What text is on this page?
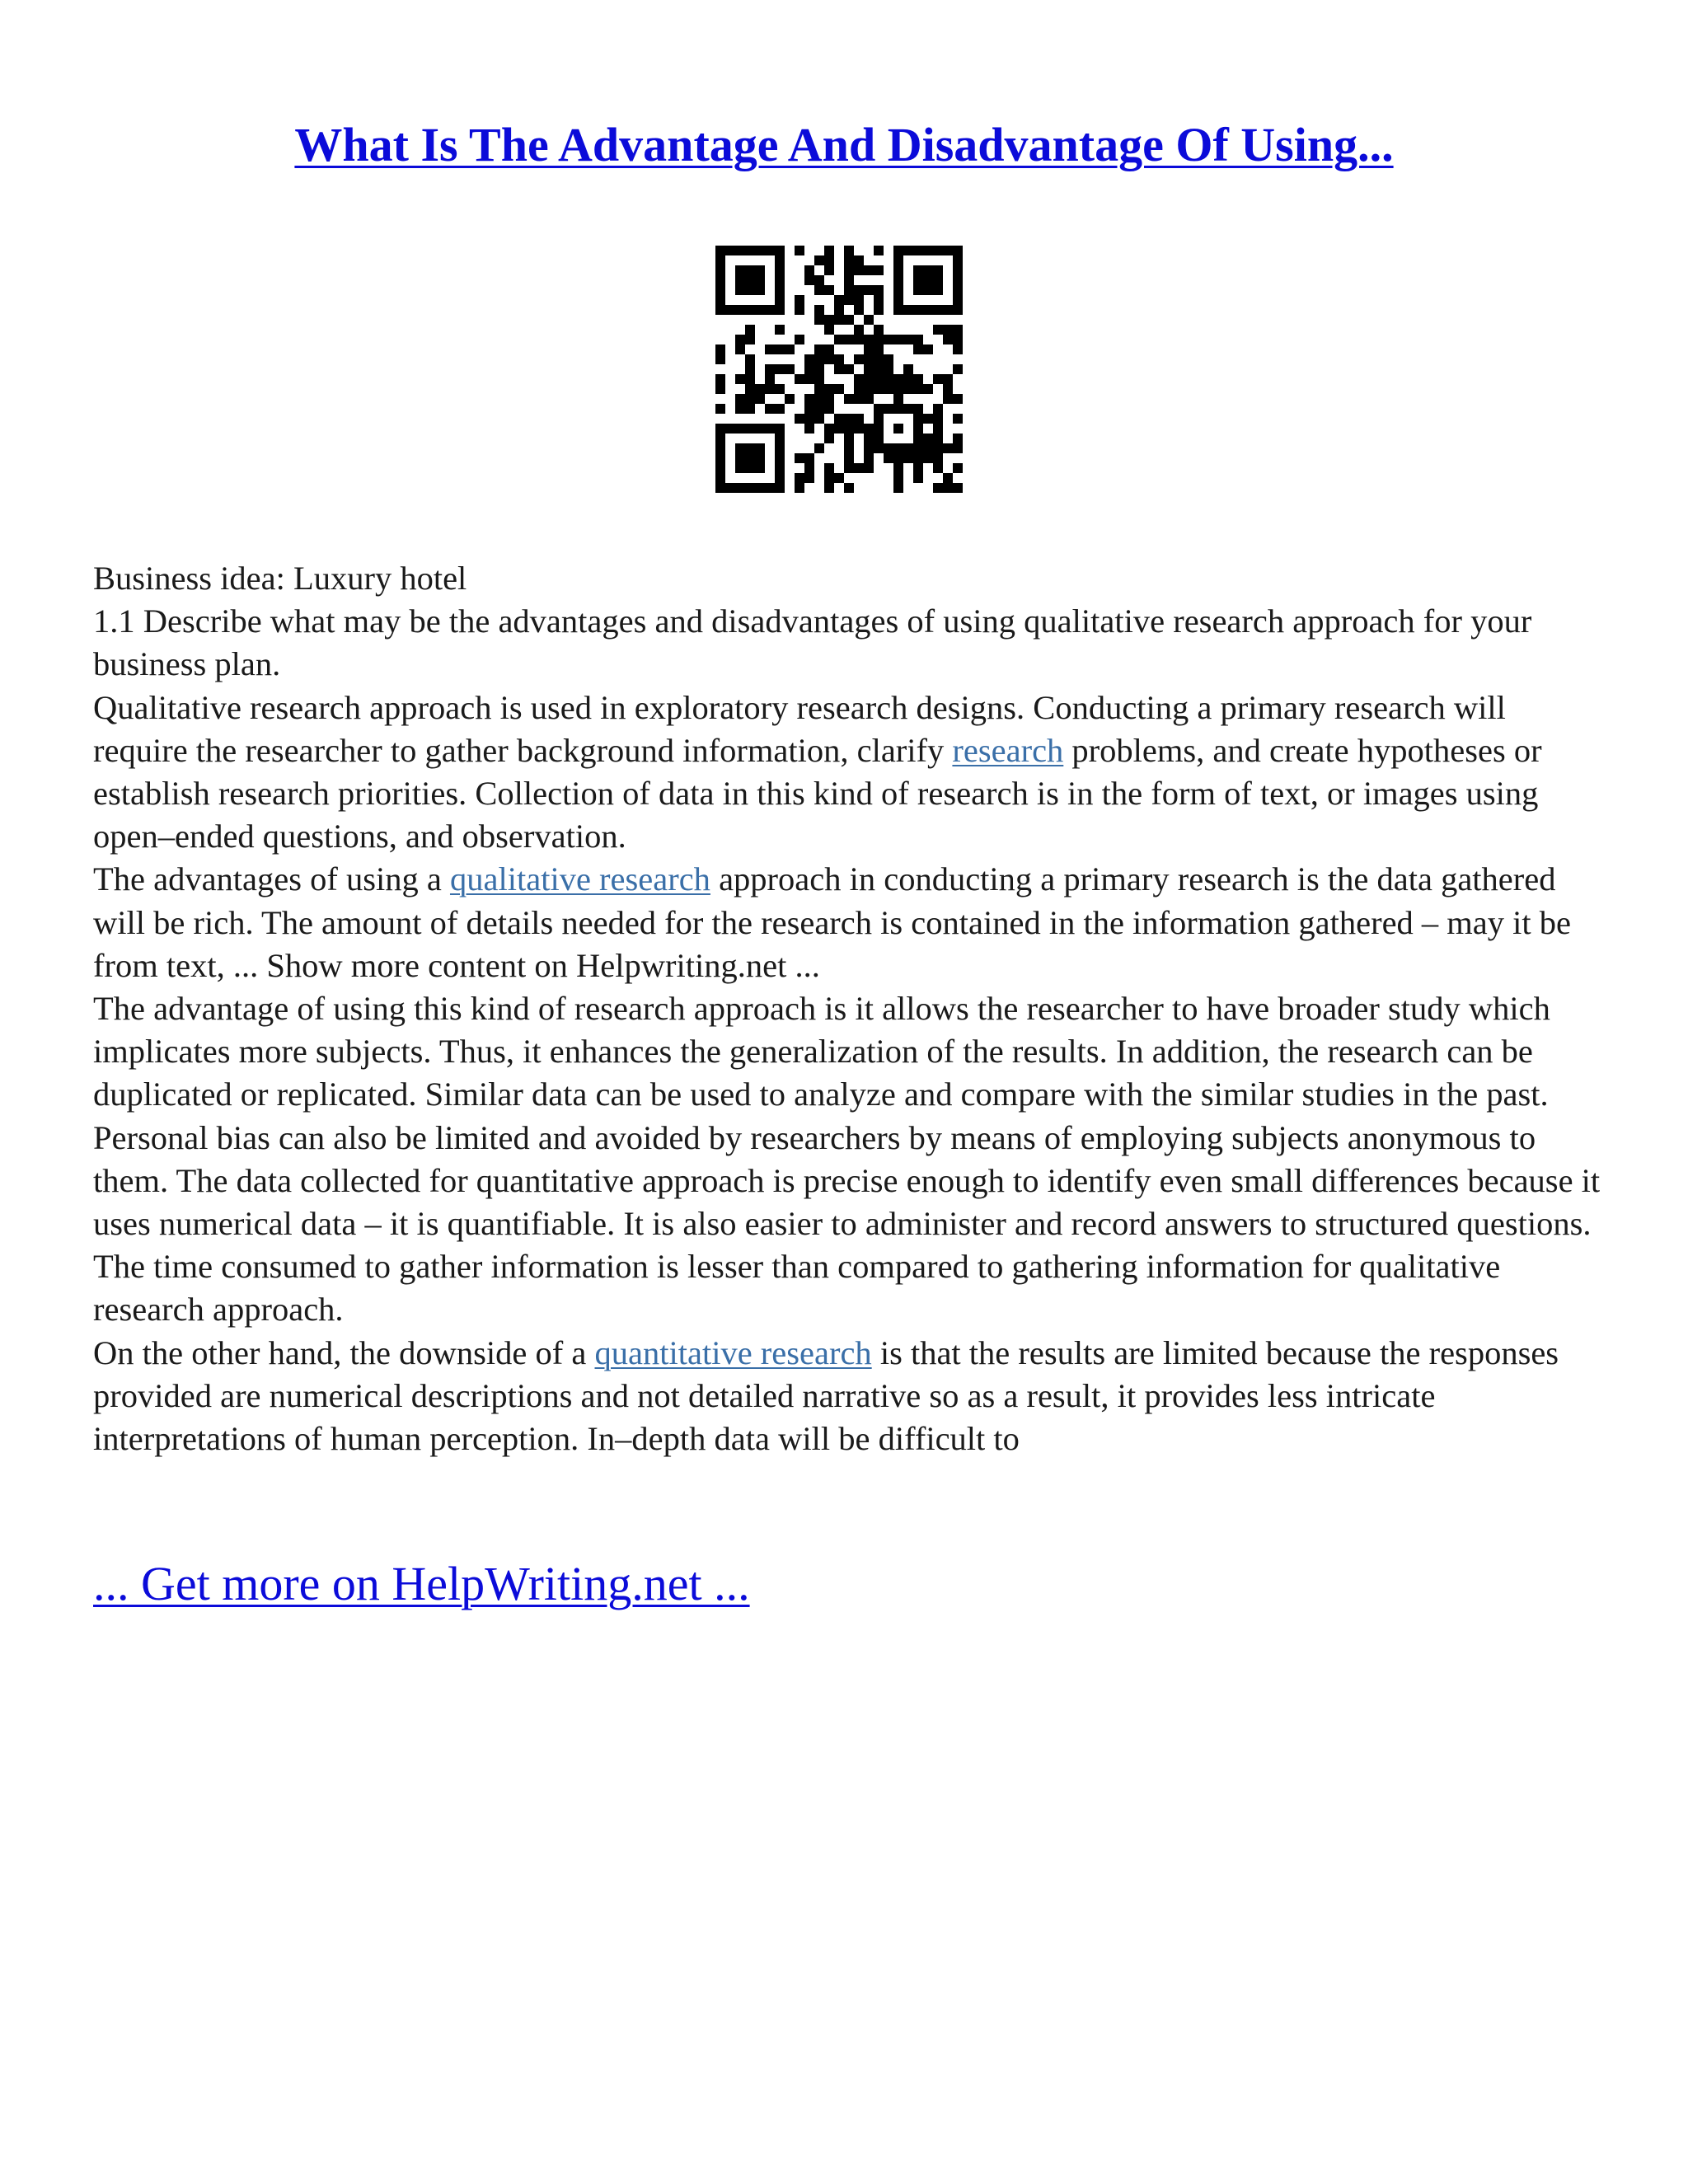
What Is The Advantage And Disadvantage Of Using...

Business idea: Luxury hotel

1.1 Describe what may be the advantages and disadvantages of using qualitative research approach for your business plan.

Qualitative research approach is used in exploratory research designs. Conducting a primary research will require the researcher to gather background information, clarify research problems, and create hypotheses or establish research priorities. Collection of data in this kind of research is in the form of text, or images using open–ended questions, and observation.

The advantages of using a qualitative research approach in conducting a primary research is the data gathered will be rich. The amount of details needed for the research is contained in the information gathered – may it be from text, ... Show more content on Helpwriting.net ...

The advantage of using this kind of research approach is it allows the researcher to have broader study which implicates more subjects. Thus, it enhances the generalization of the results. In addition, the research can be duplicated or replicated. Similar data can be used to analyze and compare with the similar studies in the past. Personal bias can also be limited and avoided by researchers by means of employing subjects anonymous to them. The data collected for quantitative approach is precise enough to identify even small differences because it uses numerical data – it is quantifiable. It is also easier to administer and record answers to structured questions. The time consumed to gather information is lesser than compared to gathering information for qualitative research approach.

On the other hand, the downside of a quantitative research is that the results are limited because the responses provided are numerical descriptions and not detailed narrative so as a result, it provides less intricate interpretations of human perception. In–depth data will be difficult to

... Get more on HelpWriting.net ...
